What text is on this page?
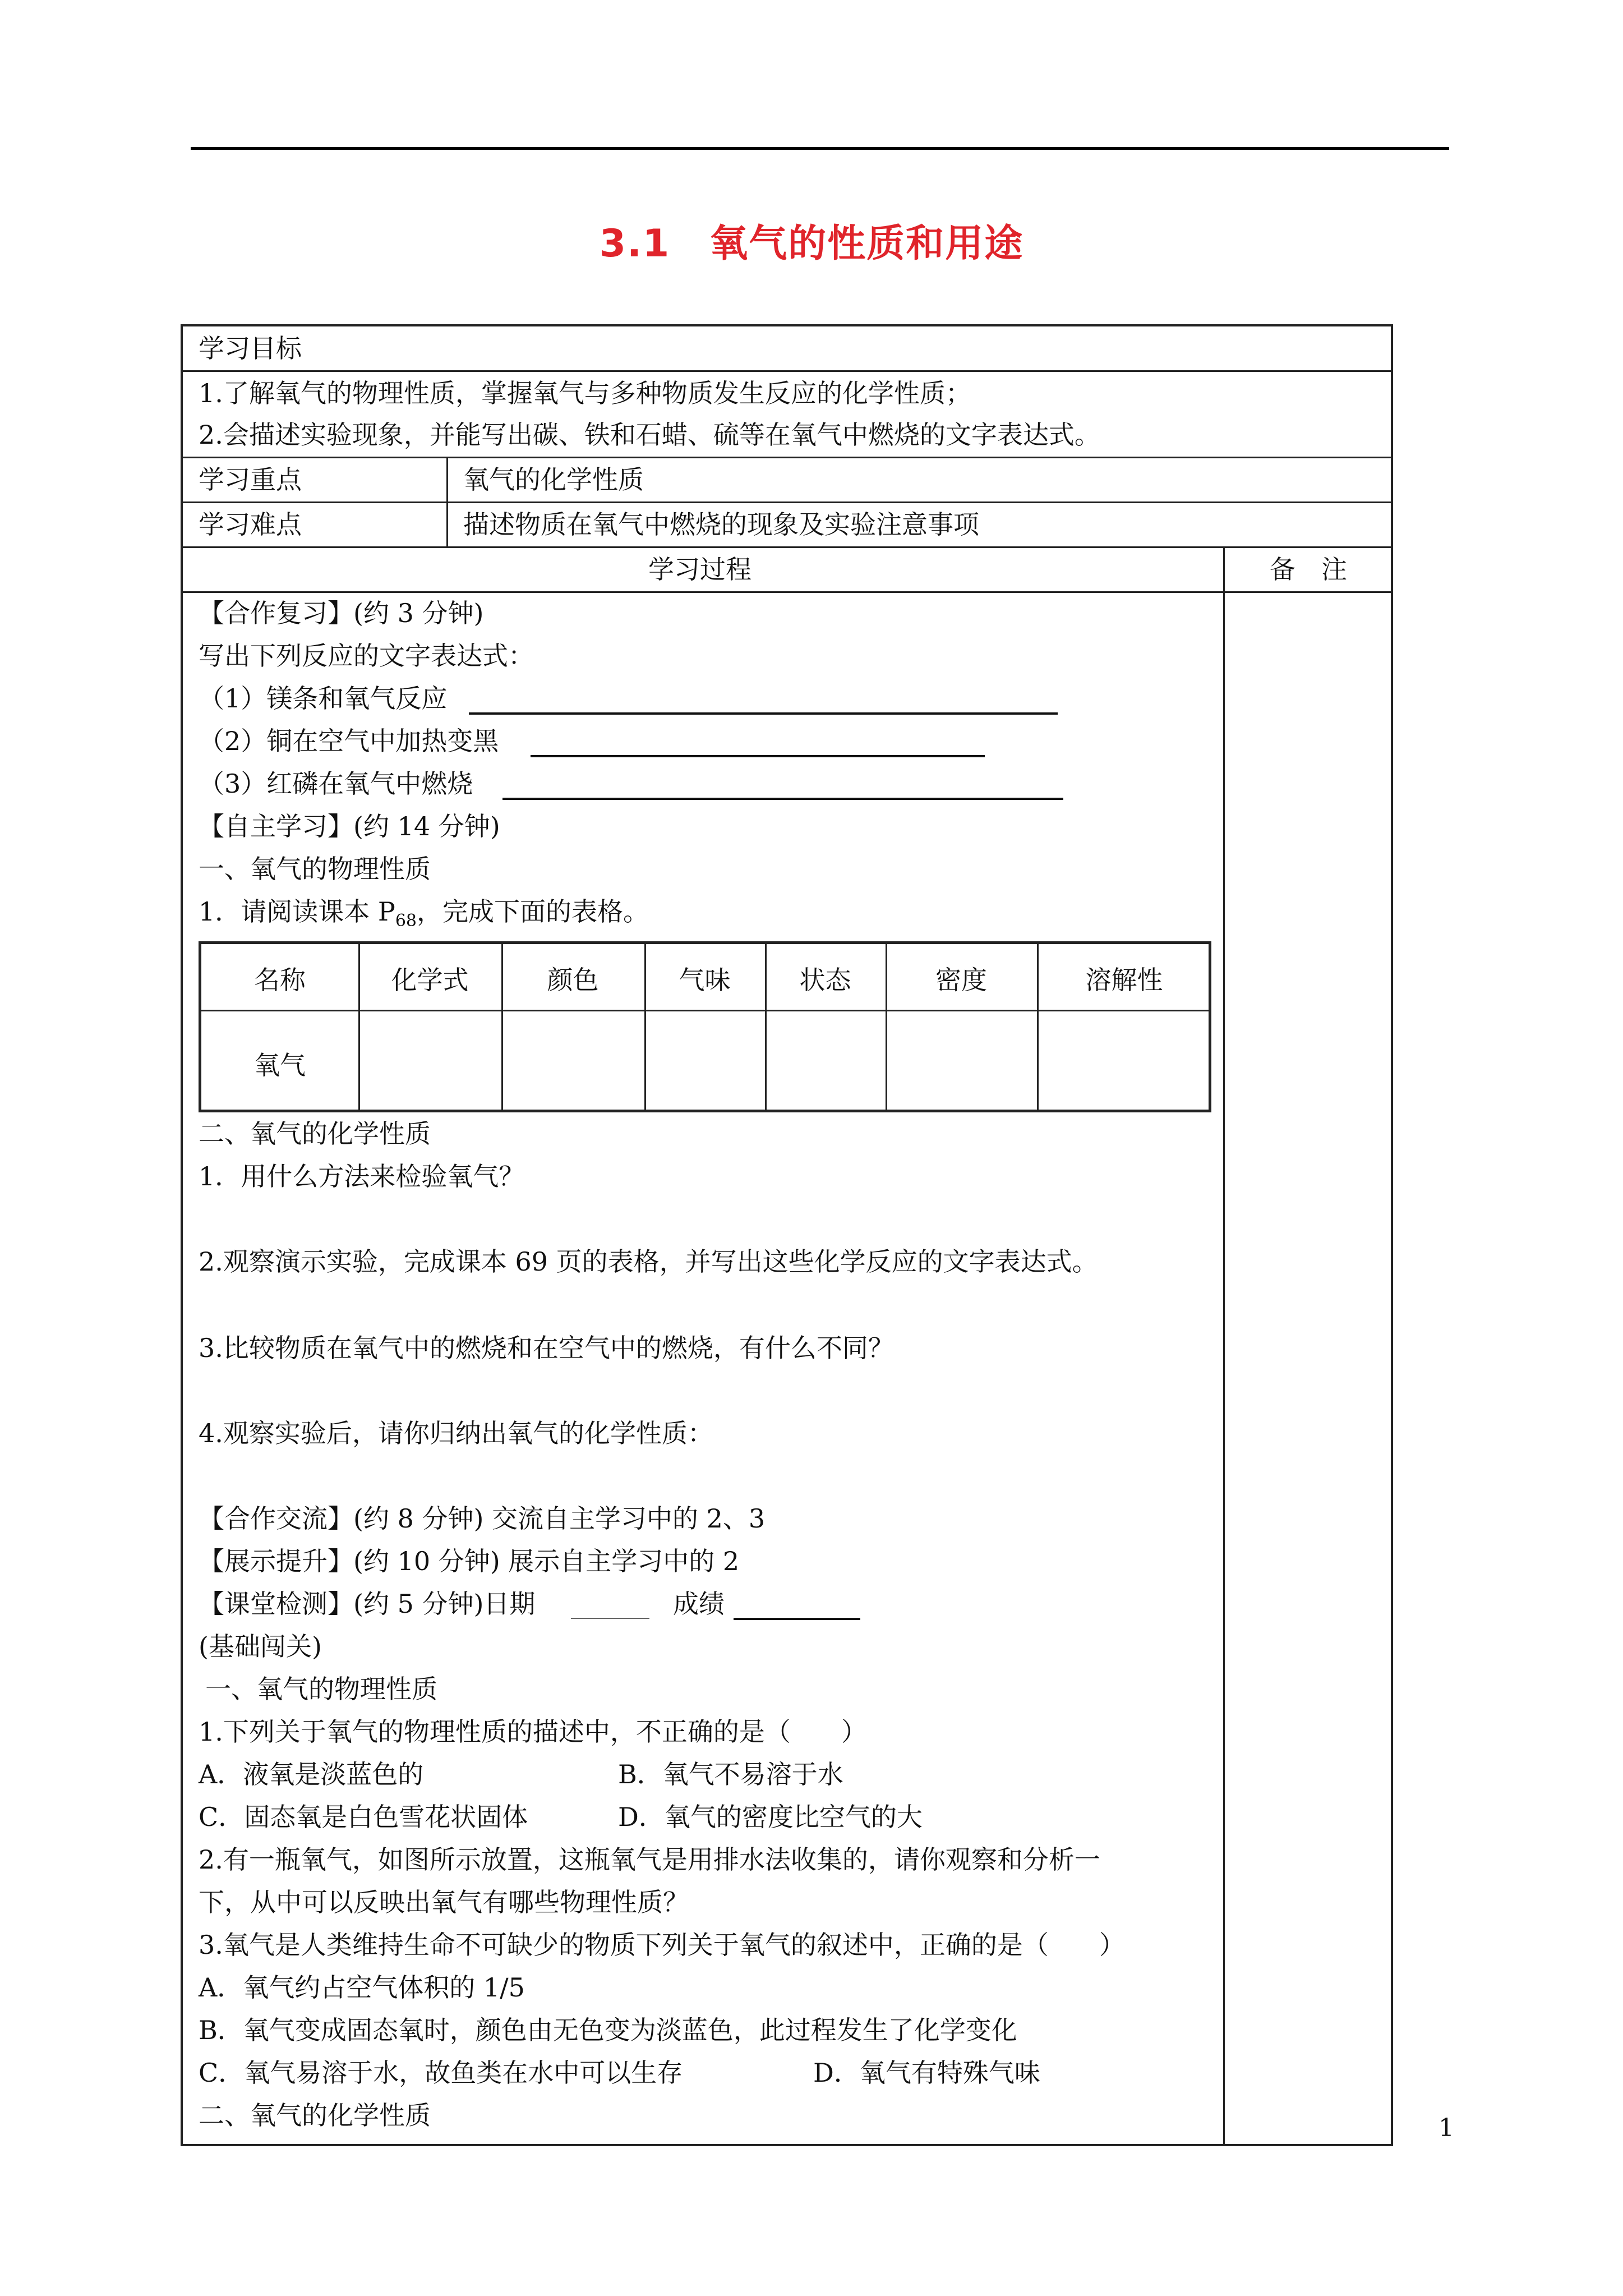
3.1　氧气的性质和用途
学习目标
1.了解氧气的物理性质，掌握氧气与多种物质发生反应的化学性质；
2.会描述实验现象，并能写出碳、铁和石蜡、硫等在氧气中燃烧的文字表达式。
学习重点	氧气的化学性质
学习难点	描述物质在氧气中燃烧的现象及实验注意事项
学习过程	备　注
【合作复习】(约 3 分钟)
写出下列反应的文字表达式：
（1）镁条和氧气反应
（2）铜在空气中加热变黑
（3）红磷在氧气中燃烧
【自主学习】(约 14 分钟)
一、氧气的物理性质
1．请阅读课本 $P_{68}$，完成下面的表格。
名称	化学式	颜色	气味	状态	密度	溶解性
氧气
二、氧气的化学性质
1．用什么方法来检验氧气？
2.观察演示实验，完成课本 69 页的表格，并写出这些化学反应的文字表达式。
3.比较物质在氧气中的燃烧和在空气中的燃烧，有什么不同？
4.观察实验后，请你归纳出氧气的化学性质：
【合作交流】(约 8 分钟) 交流自主学习中的 2、3
【展示提升】(约 10 分钟) 展示自主学习中的 2
【课堂检测】(约 5 分钟)日期	成绩
(基础闯关)
一、氧气的物理性质
1.下列关于氧气的物理性质的描述中，不正确的是（ ）
A．液氧是淡蓝色的	B．氧气不易溶于水
C．固态氧是白色雪花状固体	D．氧气的密度比空气的大
2.有一瓶氧气，如图所示放置，这瓶氧气是用排水法收集的，请你观察和分析一
下，从中可以反映出氧气有哪些物理性质？
3.氧气是人类维持生命不可缺少的物质下列关于氧气的叙述中，正确的是（ ）
A．氧气约占空气体积的 1/5
B．氧气变成固态氧时，颜色由无色变为淡蓝色，此过程发生了化学变化
C．氧气易溶于水，故鱼类在水中可以生存	D．氧气有特殊气味
二、氧气的化学性质	1
